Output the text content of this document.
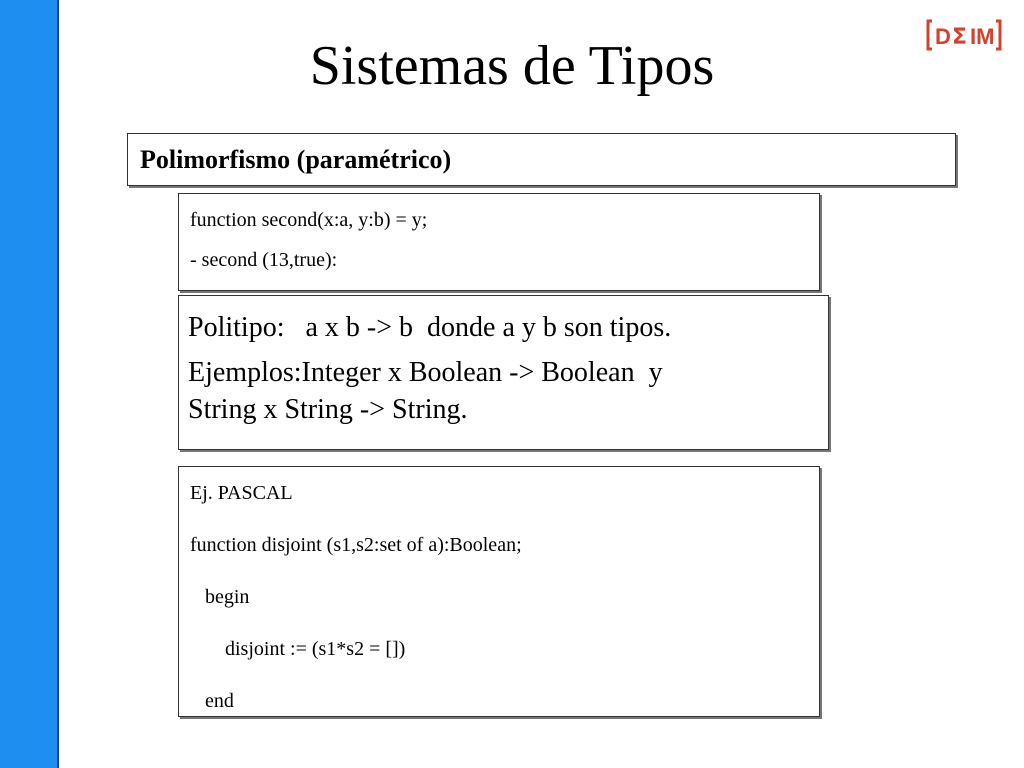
D Σ IM
Sistemas de Tipos
Polimorfismo (paramétrico)
function second(x:a, y:b) = y;
- second (13,true):
Politipo:   a x b -> b  donde a y b son tipos.
Ejemplos:Integer x Boolean -> Boolean  y
String x String -> String.
Ej. PASCAL
function disjoint (s1,s2:set of a):Boolean;
begin
disjoint := (s1*s2 = [])
end
